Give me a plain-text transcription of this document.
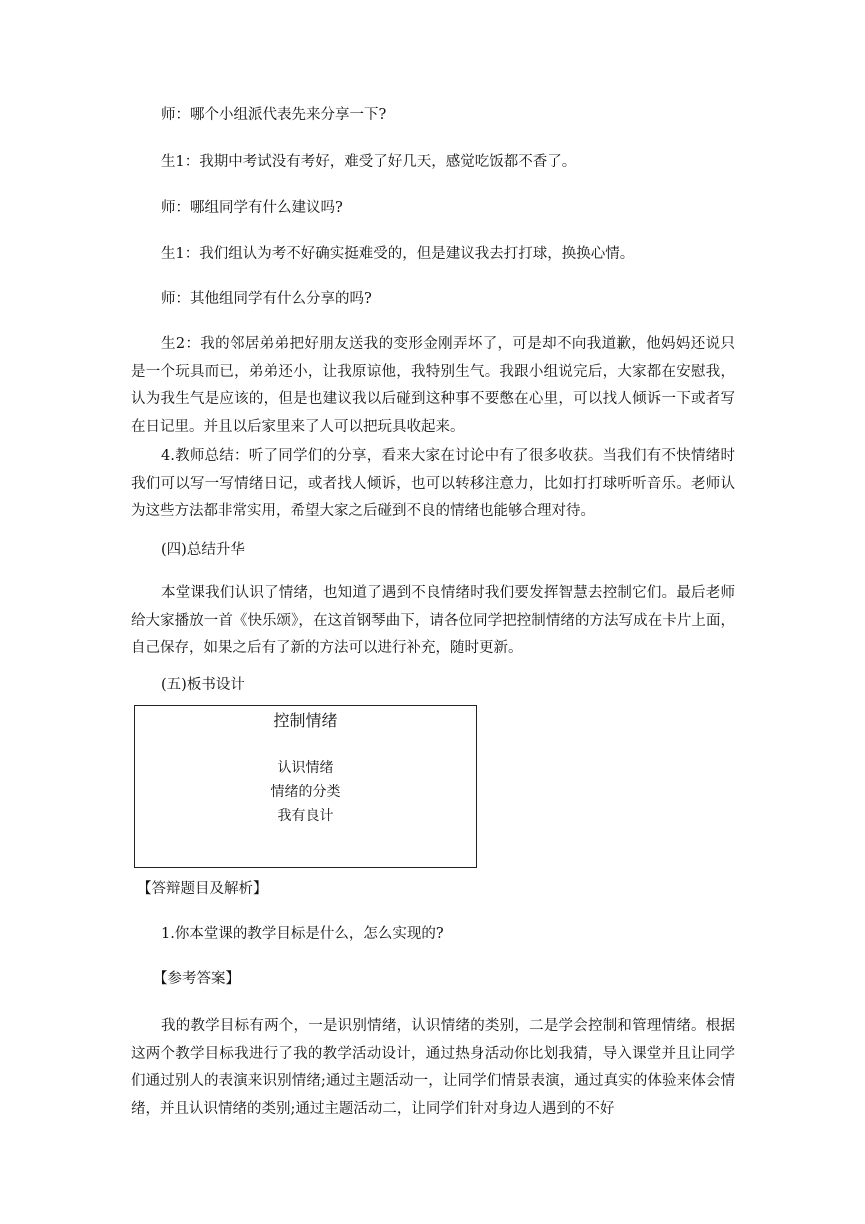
师：哪个小组派代表先来分享一下?

生1：我期中考试没有考好，难受了好几天，感觉吃饭都不香了。

师：哪组同学有什么建议吗?

生1：我们组认为考不好确实挺难受的，但是建议我去打打球，换换心情。

师：其他组同学有什么分享的吗?

生2：我的邻居弟弟把好朋友送我的变形金刚弄坏了，可是却不向我道歉，他妈妈还说只是一个玩具而已，弟弟还小，让我原谅他，我特别生气。我跟小组说完后，大家都在安慰我，认为我生气是应该的，但是也建议我以后碰到这种事不要憋在心里，可以找人倾诉一下或者写在日记里。并且以后家里来了人可以把玩具收起来。

4.教师总结：听了同学们的分享，看来大家在讨论中有了很多收获。当我们有不快情绪时我们可以写一写情绪日记，或者找人倾诉，也可以转移注意力，比如打打球听听音乐。老师认为这些方法都非常实用，希望大家之后碰到不良的情绪也能够合理对待。

(四)总结升华

本堂课我们认识了情绪，也知道了遇到不良情绪时我们要发挥智慧去控制它们。最后老师给大家播放一首《快乐颂》，在这首钢琴曲下，请各位同学把控制情绪的方法写成在卡片上面，自己保存，如果之后有了新的方法可以进行补充，随时更新。

(五)板书设计

控制情绪
认识情绪
情绪的分类
我有良计

【答辩题目及解析】

1.你本堂课的教学目标是什么，怎么实现的?

【参考答案】

我的教学目标有两个，一是识别情绪，认识情绪的类别，二是学会控制和管理情绪。根据这两个教学目标我进行了我的教学活动设计，通过热身活动你比划我猜，导入课堂并且让同学们通过别人的表演来识别情绪;通过主题活动一，让同学们情景表演，通过真实的体验来体会情绪，并且认识情绪的类别;通过主题活动二，让同学们针对身边人遇到的不好
